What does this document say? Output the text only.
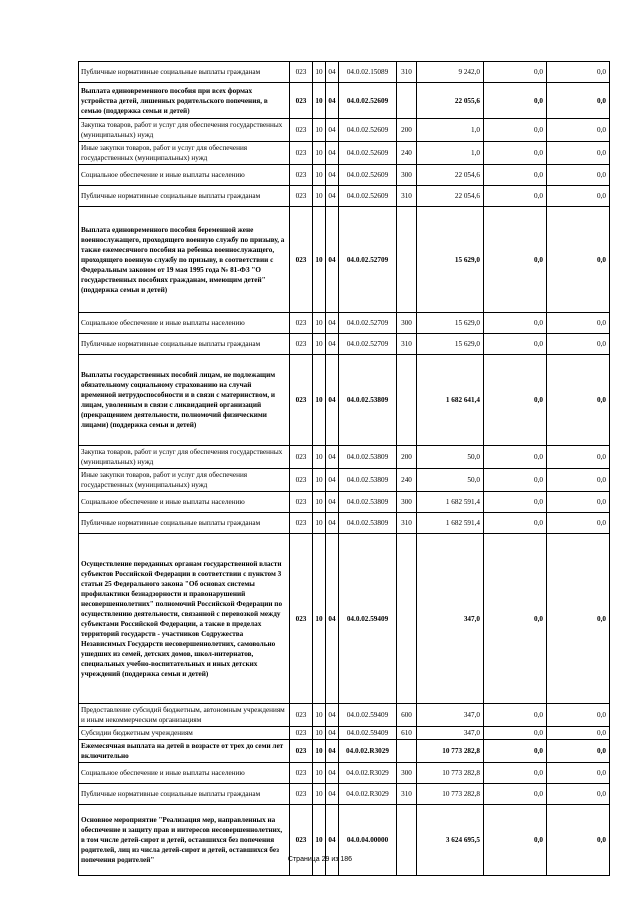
Публичные нормативные социальные выплаты гражданам	023	10	04	04.0.02.15089	310	9 242,0	0,0	0,0
Выплата единовременного пособия при всех формах устройства детей, лишенных родительского попечения, в семью (поддержка семьи и детей)	023	10	04	04.0.02.52609		22 055,6	0,0	0,0
Закупка товаров, работ и услуг для обеспечения государственных (муниципальных) нужд	023	10	04	04.0.02.52609	200	1,0	0,0	0,0
Иные закупки товаров, работ и услуг для обеспечения государственных (муниципальных) нужд	023	10	04	04.0.02.52609	240	1,0	0,0	0,0
Социальное обеспечение и иные выплаты населению	023	10	04	04.0.02.52609	300	22 054,6	0,0	0,0
Публичные нормативные социальные выплаты гражданам	023	10	04	04.0.02.52609	310	22 054,6	0,0	0,0
Выплата единовременного пособия беременной жене военнослужащего, проходящего военную службу по призыву, а также ежемесячного пособия на ребенка военнослужащего, проходящего военную службу по призыву, в соответствии с Федеральным законом от 19 мая 1995 года № 81-ФЗ "О государственных пособиях гражданам, имеющим детей" (поддержка семьи и детей)	023	10	04	04.0.02.52709		15 629,0	0,0	0,0
Социальное обеспечение и иные выплаты населению	023	10	04	04.0.02.52709	300	15 629,0	0,0	0,0
Публичные нормативные социальные выплаты гражданам	023	10	04	04.0.02.52709	310	15 629,0	0,0	0,0
Выплаты государственных пособий лицам, не подлежащим обязательному социальному страхованию на случай временной нетрудоспособности и в связи с материнством, и лицам, уволенным в связи с ликвидацией организаций (прекращением деятельности, полномочий физическими лицами) (поддержка семьи и детей)	023	10	04	04.0.02.53809		1 682 641,4	0,0	0,0
Закупка товаров, работ и услуг для обеспечения государственных (муниципальных) нужд	023	10	04	04.0.02.53809	200	50,0	0,0	0,0
Иные закупки товаров, работ и услуг для обеспечения государственных (муниципальных) нужд	023	10	04	04.0.02.53809	240	50,0	0,0	0,0
Социальное обеспечение и иные выплаты населению	023	10	04	04.0.02.53809	300	1 682 591,4	0,0	0,0
Публичные нормативные социальные выплаты гражданам	023	10	04	04.0.02.53809	310	1 682 591,4	0,0	0,0
Осуществление переданных органам государственной власти субъектов Российской Федерации в соответствии с пунктом 3 статьи 25 Федерального закона "Об основах системы профилактики безнадзорности и правонарушений несовершеннолетних" полномочий Российской Федерации по осуществлению деятельности, связанной с перевозкой между субъектами Российской Федерации, а также в пределах территорий государств - участников Содружества Независимых Государств несовершеннолетних, самовольно ушедших из семей, детских домов, школ-интернатов, специальных учебно-воспитательных и иных детских учреждений (поддержка семьи и детей)	023	10	04	04.0.02.59409		347,0	0,0	0,0
Предоставление субсидий бюджетным, автономным учреждениям и иным некоммерческим организациям	023	10	04	04.0.02.59409	600	347,0	0,0	0,0
Субсидии бюджетным учреждениям	023	10	04	04.0.02.59409	610	347,0	0,0	0,0
Ежемесячная выплата на детей в возрасте от трех до семи лет включительно	023	10	04	04.0.02.R3029		10 773 282,8	0,0	0,0
Социальное обеспечение и иные выплаты населению	023	10	04	04.0.02.R3029	300	10 773 282,8	0,0	0,0
Публичные нормативные социальные выплаты гражданам	023	10	04	04.0.02.R3029	310	10 773 282,8	0,0	0,0
Основное мероприятие "Реализация мер, направленных на обеспечение и защиту прав и интересов несовершеннолетних, в том числе детей-сирот и детей, оставшихся без попечения родителей, лиц из числа детей-сирот и детей, оставшихся без попечения родителей"	023	10	04	04.0.04.00000		3 624 695,5	0,0	0,0
Страница 29 из 186
